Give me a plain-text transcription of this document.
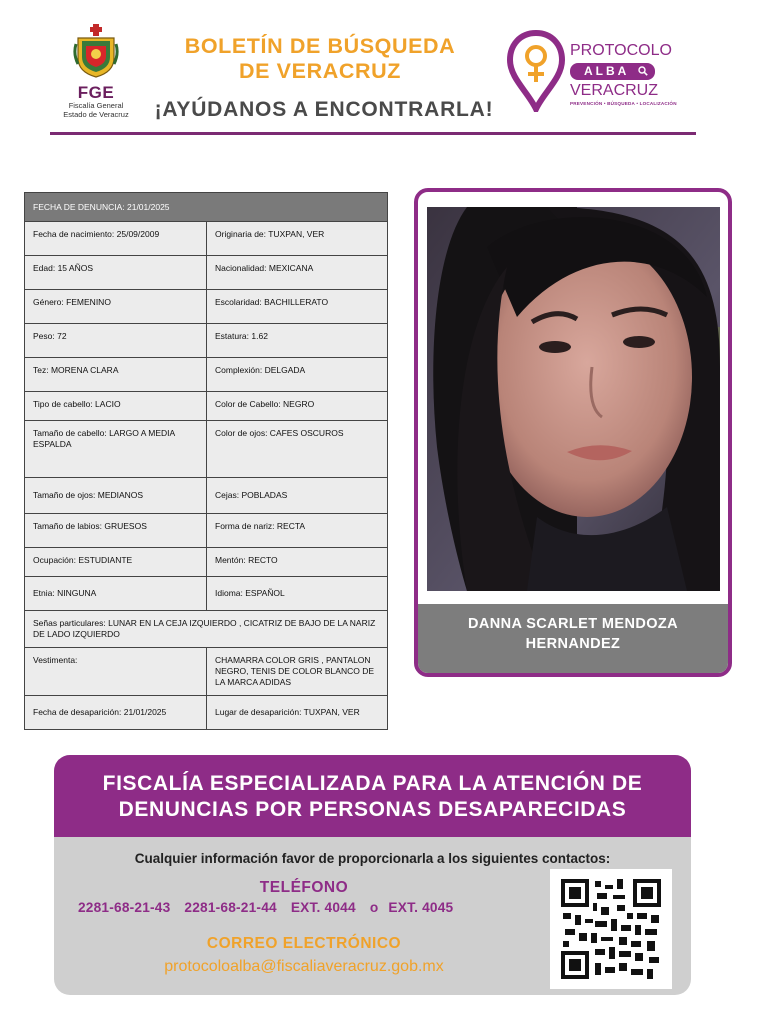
FGE
Fiscalía General
Estado de Veracruz
BOLETÍN DE BÚSQUEDA
DE VERACRUZ
¡AYÚDANOS A ENCONTRARLA!
PROTOCOLO
ALBA
VERACRUZ
PREVENCIÓN • BÚSQUEDA • LOCALIZACIÓN
FECHA DE DENUNCIA: 21/01/2025	
Fecha de nacimiento: 25/09/2009	Originaria de: TUXPAN, VER
Edad: 15 AÑOS	Nacionalidad: MEXICANA
Género: FEMENINO	Escolaridad: BACHILLERATO
Peso: 72	Estatura: 1.62
Tez: MORENA CLARA	Complexión: DELGADA
Tipo de cabello: LACIO	Color de Cabello: NEGRO
Tamaño de cabello: LARGO A MEDIA ESPALDA	Color de ojos: CAFES OSCUROS
Tamaño de ojos: MEDIANOS	Cejas: POBLADAS
Tamaño de labios: GRUESOS	Forma de nariz: RECTA
Ocupación: ESTUDIANTE	Mentón: RECTO
Etnia: NINGUNA	Idioma: ESPAÑOL
Señas particulares: LUNAR EN LA CEJA IZQUIERDO , CICATRIZ DE BAJO DE LA NARIZ DE LADO IZQUIERDO	
Vestimenta:	CHAMARRA COLOR GRIS , PANTALON NEGRO, TENIS DE COLOR BLANCO DE LA MARCA ADIDAS
Fecha de desaparición: 21/01/2025	Lugar de desaparición: TUXPAN, VER
DANNA SCARLET MENDOZA
HERNANDEZ
FISCALÍA ESPECIALIZADA PARA LA ATENCIÓN DE
DENUNCIAS POR PERSONAS DESAPARECIDAS
Cualquier información favor de proporcionarla a los siguientes contactos:
TELÉFONO
2281-68-21-43 2281-68-21-44 EXT. 4044 o EXT. 4045
CORREO ELECTRÓNICO
protocoloalba@fiscaliaveracruz.gob.mx
